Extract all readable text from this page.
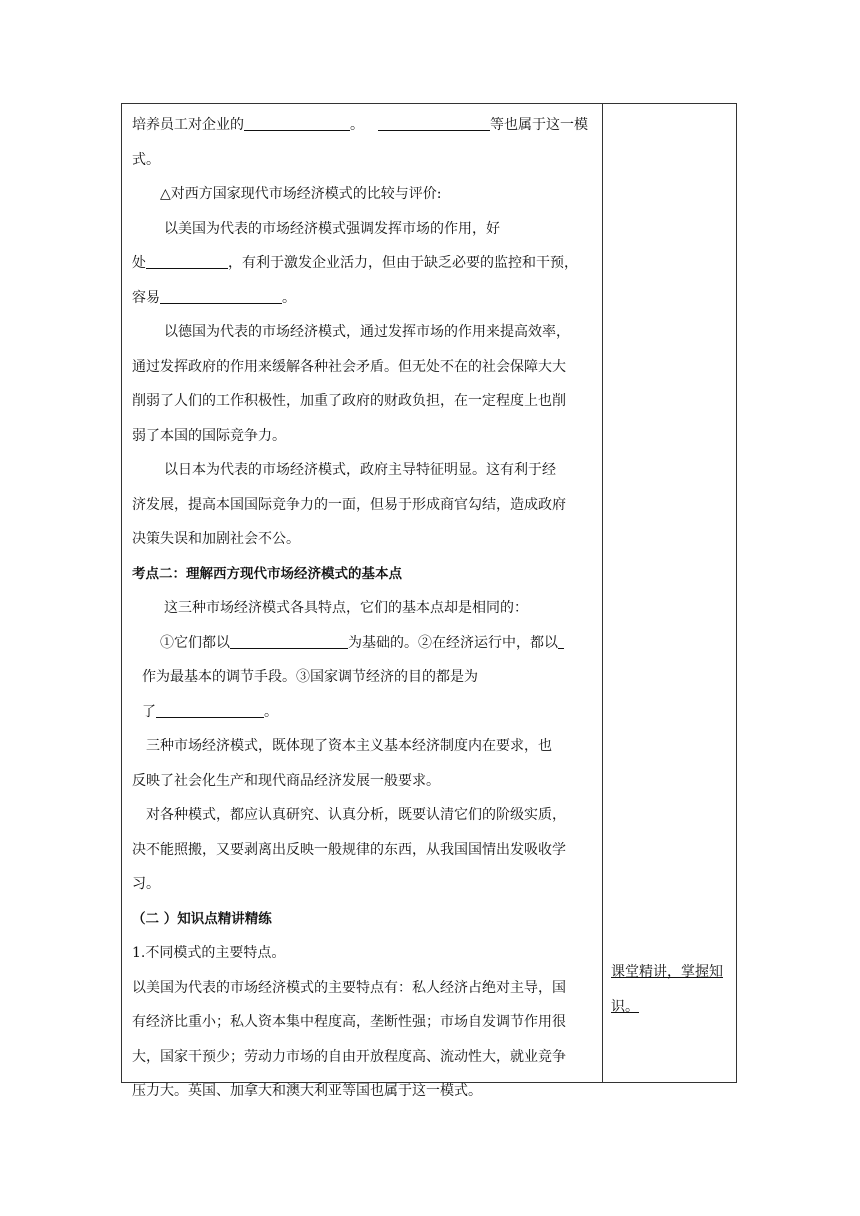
培养员工对企业的	。	等也属于这一模
式。
△对西方国家现代市场经济模式的比较与评价:
以美国为代表的市场经济模式强调发挥市场的作用，好
处	，有利于激发企业活力，但由于缺乏必要的监控和干预，
容易	。
以德国为代表的市场经济模式，通过发挥市场的作用来提高效率，
通过发挥政府的作用来缓解各种社会矛盾。但无处不在的社会保障大大
削弱了人们的工作积极性，加重了政府的财政负担，在一定程度上也削
弱了本国的国际竞争力。
以日本为代表的市场经济模式，政府主导特征明显。这有利于经
济发展，提高本国国际竞争力的一面，但易于形成商官勾结，造成政府
决策失误和加剧社会不公。
考点二：理解西方现代市场经济模式的基本点
这三种市场经济模式各具特点，它们的基本点却是相同的：
①它们都以	为基础的。②在经济运行中，都以
作为最基本的调节手段。③国家调节经济的目的都是为
了	。
三种市场经济模式，既体现了资本主义基本经济制度内在要求，也
反映了社会化生产和现代商品经济发展一般要求。
对各种模式，都应认真研究、认真分析，既要认清它们的阶级实质，
决不能照搬，又要剥离出反映一般规律的东西，从我国国情出发吸收学
习。
（二 ）知识点精讲精练
1.不同模式的主要特点。
以美国为代表的市场经济模式的主要特点有：私人经济占绝对主导，国
有经济比重小；私人资本集中程度高，垄断性强；市场自发调节作用很
大，国家干预少；劳动力市场的自由开放程度高、流动性大，就业竞争
压力大。英国、加拿大和澳大利亚等国也属于这一模式。
课堂精讲，掌握知
识。
